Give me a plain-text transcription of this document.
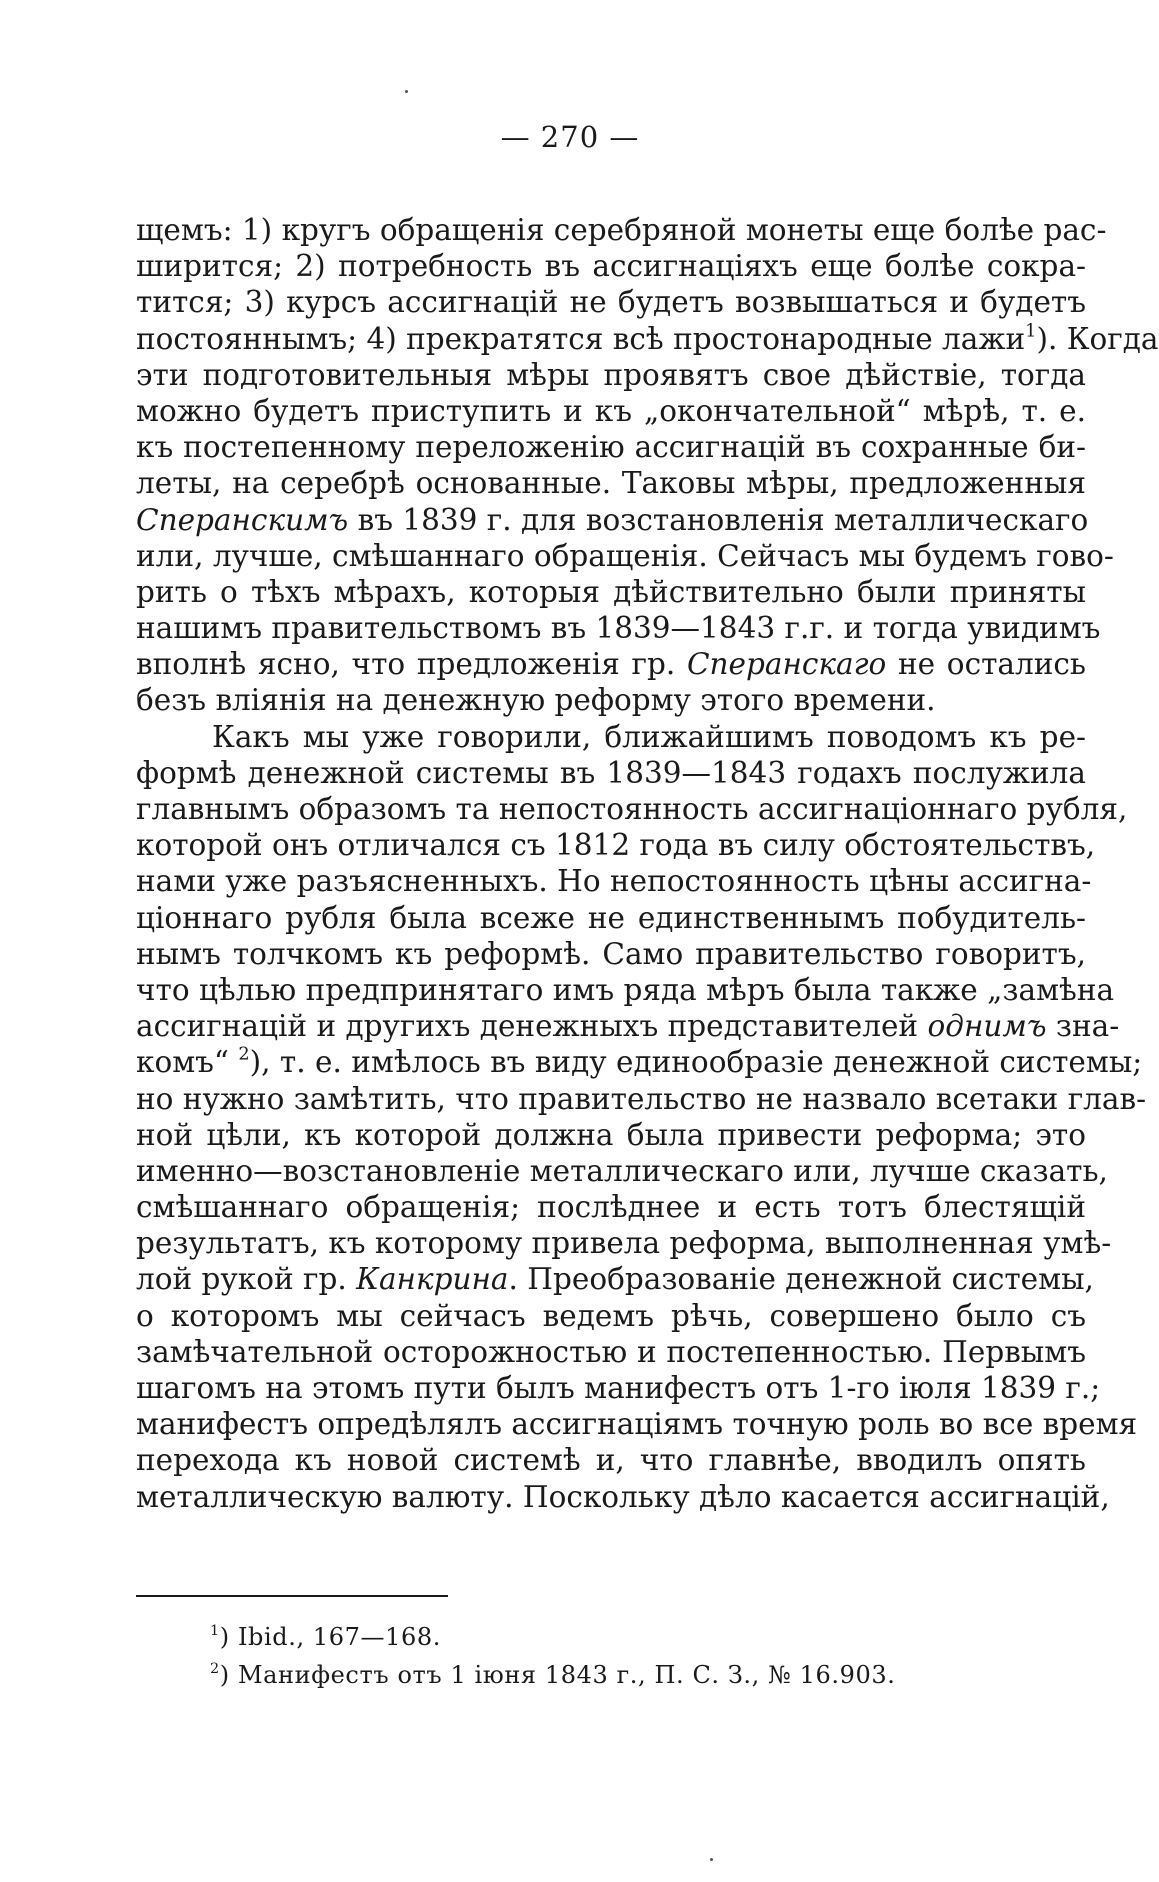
— 270 —
щемъ: 1) кругъ обращенія серебряной монеты еще болѣе рас-
ширится; 2) потребность въ ассигнаціяхъ еще болѣе сокра-
тится; 3) курсъ ассигнацій не будетъ возвышаться и будетъ
постояннымъ; 4) прекратятся всѣ простонародные лажи$^1$). Когда
эти подготовительныя мѣры проявятъ свое дѣйствіе, тогда
можно будетъ приступить и къ „окончательной“ мѣрѣ, т. е.
къ постепенному переложенію ассигнацій въ сохранные би-
леты, на серебрѣ основанные. Таковы мѣры, предложенныя
Сперанскимъ въ 1839 г. для возстановленія металлическаго
или, лучше, смѣшаннаго обращенія. Сейчасъ мы будемъ гово-
рить о тѣхъ мѣрахъ, которыя дѣйствительно были приняты
нашимъ правительствомъ въ 1839—1843 г.г. и тогда увидимъ
вполнѣ ясно, что предложенія гр. Сперанскаго не остались
безъ вліянія на денежную реформу этого времени.
Какъ мы уже говорили, ближайшимъ поводомъ къ ре-
формѣ денежной системы въ 1839—1843 годахъ послужила
главнымъ образомъ та непостоянность ассигнаціоннаго рубля,
которой онъ отличался съ 1812 года въ силу обстоятельствъ,
нами уже разъясненныхъ. Но непостоянность цѣны ассигна-
ціоннаго рубля была всеже не единственнымъ побудитель-
нымъ толчкомъ къ реформѣ. Само правительство говоритъ,
что цѣлью предпринятаго имъ ряда мѣръ была также „замѣна
ассигнацій и другихъ денежныхъ представителей однимъ зна-
комъ“ $^2$), т. е. имѣлось въ виду единообразіе денежной системы;
но нужно замѣтить, что правительство не назвало всетаки глав-
ной цѣли, къ которой должна была привести реформа; это
именно—возстановленіе металлическаго или, лучше сказать,
смѣшаннаго обращенія; послѣднее и есть тотъ блестящій
результатъ, къ которому привела реформа, выполненная умѣ-
лой рукой гр. Канкрина. Преобразованіе денежной системы,
о которомъ мы сейчасъ ведемъ рѣчь, совершено было съ
замѣчательной осторожностью и постепенностью. Первымъ
шагомъ на этомъ пути былъ манифестъ отъ 1-го іюля 1839 г.;
манифестъ опредѣлялъ ассигнаціямъ точную роль во все время
перехода къ новой системѣ и, что главнѣе, вводилъ опять
металлическую валюту. Поскольку дѣло касается ассигнацій,
$^1$) Ibid., 167—168.
$^2$) Манифестъ отъ 1 іюня 1843 г., П. С. З., № 16.903.
